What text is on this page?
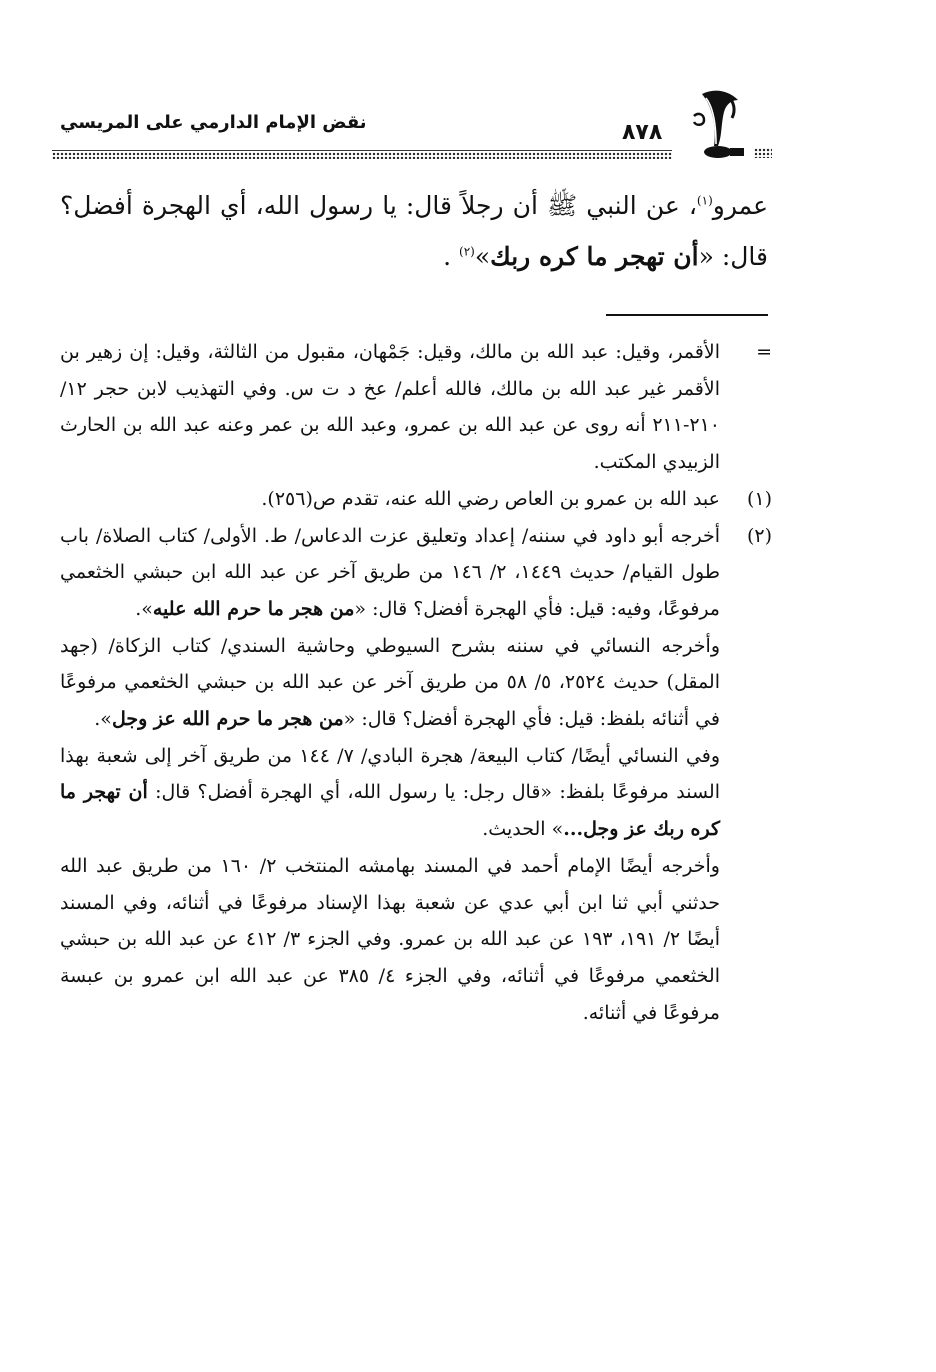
نقض الإمام الدارمي على المريسي	٨٧٨

عمرو$^{(١)}$، عن النبي ﷺ أن رجلاً قال: يا رسول الله، أي الهجرة أفضل؟ قال: «أن تهجر ما كره ربك»$^{(٢)}$ .

=
الأقمر، وقيل: عبد الله بن مالك، وقيل: جَمْهان، مقبول من الثالثة، وقيل: إن زهير بن الأقمر غير عبد الله بن مالك، فالله أعلم/ عخ د ت س. وفي التهذيب لابن حجر ١٢/ ٢١٠-٢١١ أنه روى عن عبد الله بن عمرو، وعبد الله بن عمر وعنه عبد الله بن الحارث الزبيدي المكتب.
(١)
عبد الله بن عمرو بن العاص رضي الله عنه، تقدم ص(٢٥٦).
(٢)
أخرجه أبو داود في سننه/ إعداد وتعليق عزت الدعاس/ ط. الأولى/ كتاب الصلاة/ باب طول القيام/ حديث ١٤٤٩، ٢/ ١٤٦ من طريق آخر عن عبد الله ابن حبشي الخثعمي مرفوعًا، وفيه: قيل: فأي الهجرة أفضل؟ قال: «من هجر ما حرم الله عليه».
وأخرجه النسائي في سننه بشرح السيوطي وحاشية السندي/ كتاب الزكاة/ (جهد المقل) حديث ٢٥٢٤، ٥/ ٥٨ من طريق آخر عن عبد الله بن حبشي الخثعمي مرفوعًا في أثنائه بلفظ: قيل: فأي الهجرة أفضل؟ قال: «من هجر ما حرم الله عز وجل».
وفي النسائي أيضًا/ كتاب البيعة/ هجرة البادي/ ٧/ ١٤٤ من طريق آخر إلى شعبة بهذا السند مرفوعًا بلفظ: «قال رجل: يا رسول الله، أي الهجرة أفضل؟ قال: أن تهجر ما كره ربك عز وجل...» الحديث.
وأخرجه أيضًا الإمام أحمد في المسند بهامشه المنتخب ٢/ ١٦٠ من طريق عبد الله حدثني أبي ثنا ابن أبي عدي عن شعبة بهذا الإسناد مرفوعًا في أثنائه، وفي المسند أيضًا ٢/ ١٩١، ١٩٣ عن عبد الله بن عمرو. وفي الجزء ٣/ ٤١٢ عن عبد الله بن حبشي الخثعمي مرفوعًا في أثنائه، وفي الجزء ٤/ ٣٨٥ عن عبد الله ابن عمرو بن عبسة مرفوعًا في أثنائه.
